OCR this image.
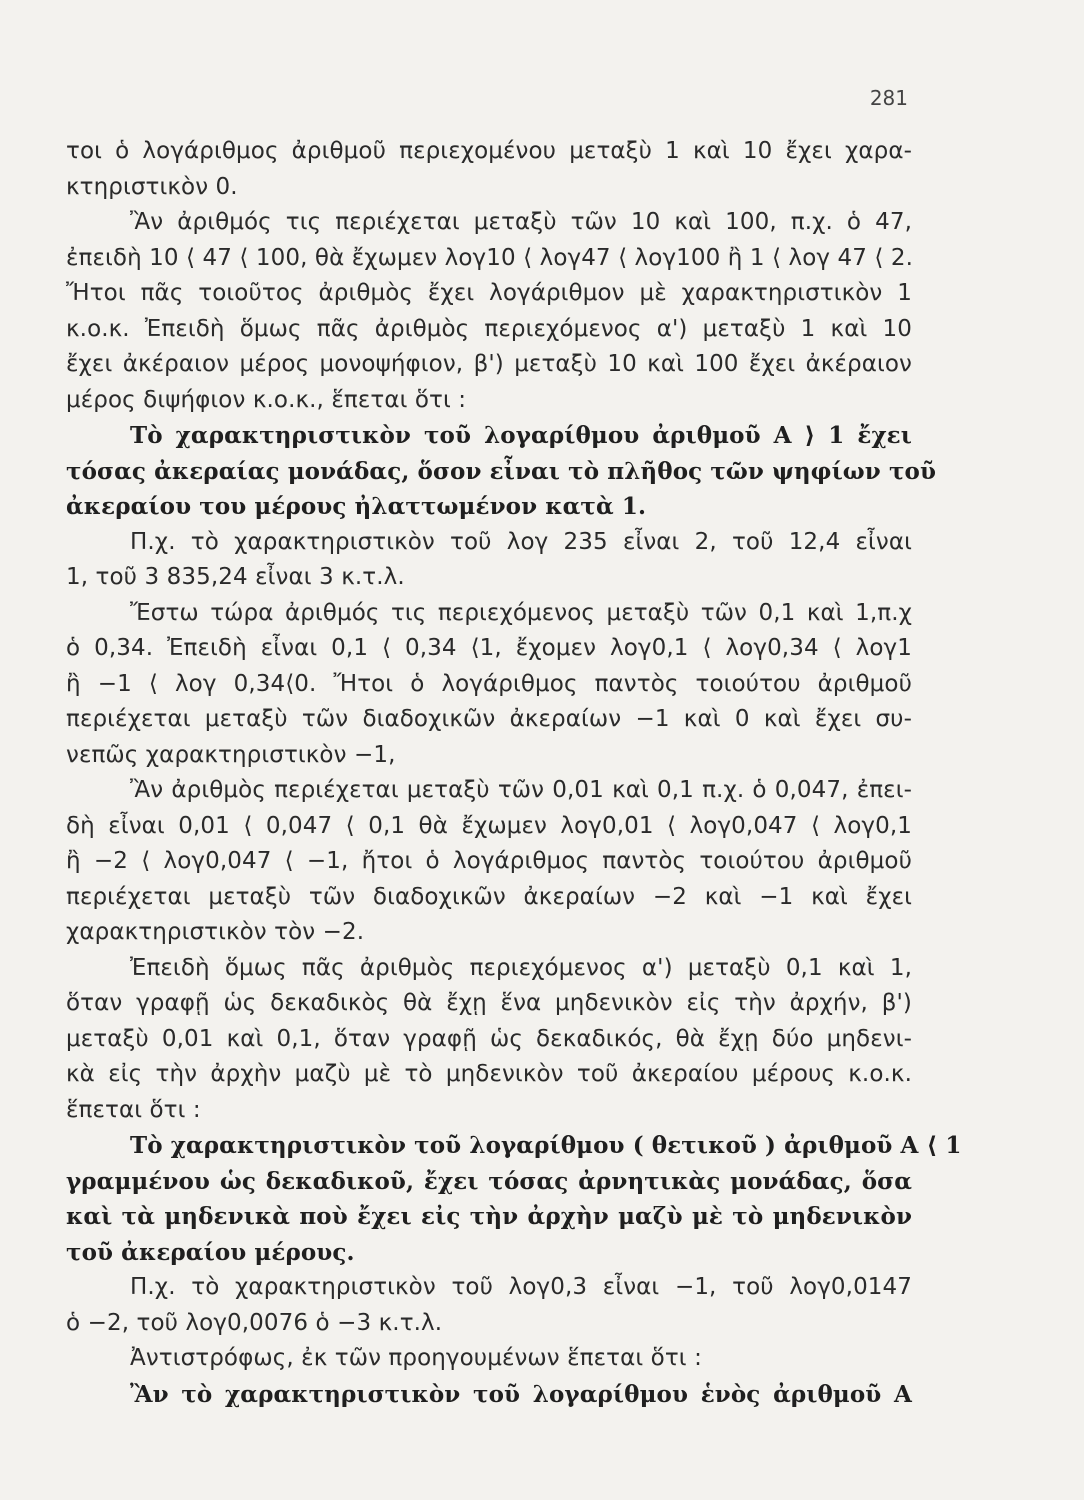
281
τοι ὁ λογάριθμος ἀριθμοῦ περιεχομένου μεταξὺ 1 καὶ 10 ἔχει χαρα-
κτηριστικὸν 0.
Ἂν ἀριθμός τις περιέχεται μεταξὺ τῶν 10 καὶ 100, π.χ. ὁ 47,
ἐπειδὴ 10 ⟨ 47 ⟨ 100, θὰ ἔχωμεν λογ10 ⟨ λογ47 ⟨ λογ100 ἢ 1 ⟨ λογ 47 ⟨ 2.
Ἤτοι πᾶς τοιοῦτος ἀριθμὸς ἔχει λογάριθμον μὲ χαρακτηριστικὸν 1
κ.ο.κ. Ἐπειδὴ ὅμως πᾶς ἀριθμὸς περιεχόμενος α') μεταξὺ 1 καὶ 10
ἔχει ἀκέραιον μέρος μονοψήφιον, β') μεταξὺ 10 καὶ 100 ἔχει ἀκέραιον
μέρος διψήφιον κ.ο.κ., ἕπεται ὅτι :
Τὸ χαρακτηριστικὸν τοῦ λογαρίθμου ἀριθμοῦ Α ⟩ 1 ἔχει
τόσας ἀκεραίας μονάδας, ὅσον εἶναι τὸ πλῆθος τῶν ψηφίων τοῦ
ἀκεραίου του μέρους ἠλαττωμένον κατὰ 1.
Π.χ. τὸ χαρακτηριστικὸν τοῦ λογ 235 εἶναι 2, τοῦ 12,4 εἶναι
1, τοῦ 3 835,24 εἶναι 3 κ.τ.λ.
Ἔστω τώρα ἀριθμός τις περιεχόμενος μεταξὺ τῶν 0,1 καὶ 1,π.χ
ὁ 0,34. Ἐπειδὴ εἶναι 0,1 ⟨ 0,34 ⟨1, ἔχομεν λογ0,1 ⟨ λογ0,34 ⟨ λογ1
ἢ −1 ⟨ λογ 0,34⟨0. Ἤτοι ὁ λογάριθμος παντὸς τοιούτου ἀριθμοῦ
περιέχεται μεταξὺ τῶν διαδοχικῶν ἀκεραίων −1 καὶ 0 καὶ ἔχει συ-
νεπῶς χαρακτηριστικὸν −1,
Ἂν ἀριθμὸς περιέχεται μεταξὺ τῶν 0,01 καὶ 0,1 π.χ. ὁ 0,047, ἐπει-
δὴ εἶναι 0,01 ⟨ 0,047 ⟨ 0,1 θὰ ἔχωμεν λογ0,01 ⟨ λογ0,047 ⟨ λογ0,1
ἢ −2 ⟨ λογ0,047 ⟨ −1, ἤτοι ὁ λογάριθμος παντὸς τοιούτου ἀριθμοῦ
περιέχεται μεταξὺ τῶν διαδοχικῶν ἀκεραίων −2 καὶ −1 καὶ ἔχει
χαρακτηριστικὸν τὸν −2.
Ἐπειδὴ ὅμως πᾶς ἀριθμὸς περιεχόμενος α') μεταξὺ 0,1 καὶ 1,
ὅταν γραφῇ ὡς δεκαδικὸς θὰ ἔχῃ ἕνα μηδενικὸν εἰς τὴν ἀρχήν, β')
μεταξὺ 0,01 καὶ 0,1, ὅταν γραφῇ ὡς δεκαδικός, θὰ ἔχῃ δύο μηδενι-
κὰ εἰς τὴν ἀρχὴν μαζὺ μὲ τὸ μηδενικὸν τοῦ ἀκεραίου μέρους κ.ο.κ.
ἕπεται ὅτι :
Τὸ χαρακτηριστικὸν τοῦ λογαρίθμου ( θετικοῦ ) ἀριθμοῦ Α ⟨ 1
γραμμένου ὡς δεκαδικοῦ, ἔχει τόσας ἀρνητικὰς μονάδας, ὅσα
καὶ τὰ μηδενικὰ ποὺ ἔχει εἰς τὴν ἀρχὴν μαζὺ μὲ τὸ μηδενικὸν
τοῦ ἀκεραίου μέρους.
Π.χ. τὸ χαρακτηριστικὸν τοῦ λογ0,3 εἶναι −1, τοῦ λογ0,0147
ὁ −2, τοῦ λογ0,0076 ὁ −3 κ.τ.λ.
Ἀντιστρόφως, ἐκ τῶν προηγουμένων ἕπεται ὅτι :
Ἂν τὸ χαρακτηριστικὸν τοῦ λογαρίθμου ἑνὸς ἀριθμοῦ Α
